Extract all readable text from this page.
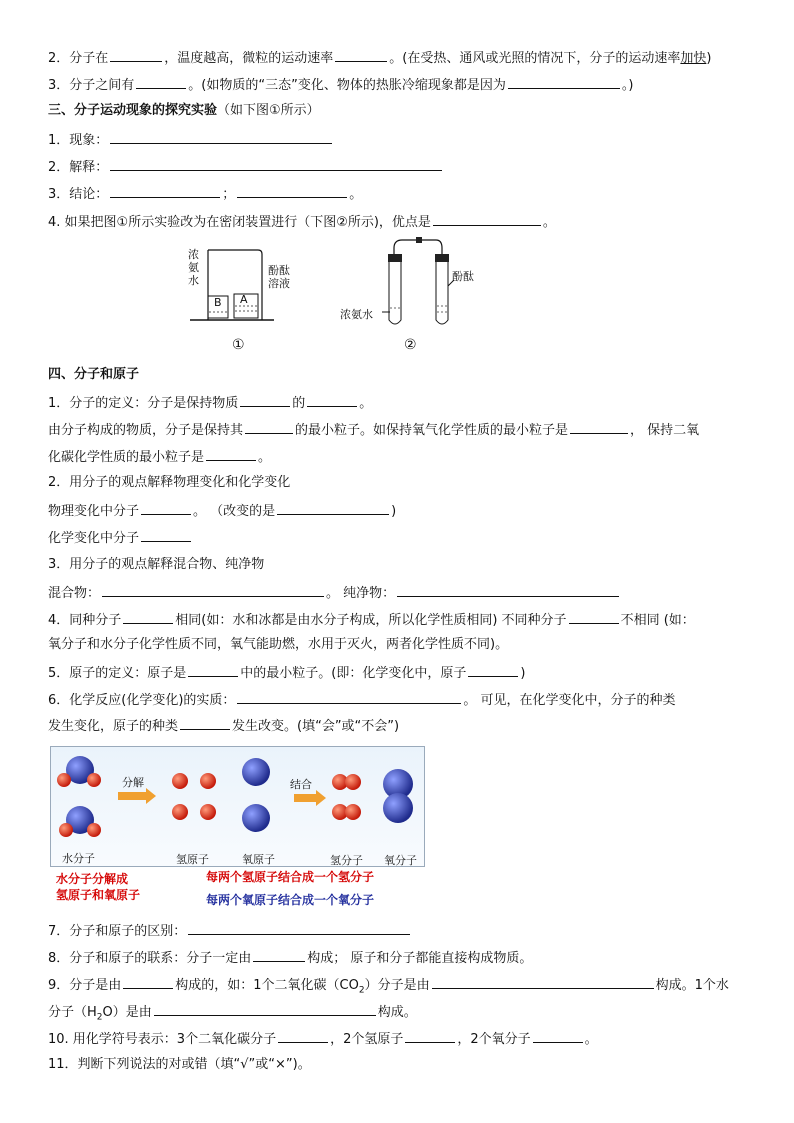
2．分子在	，温度越高，微粒的运动速率	。(在受热、通风或光照的情况下，分子的运动速率加快)
3．分子之间有	。(如物质的“三态”变化、物体的热胀冷缩现象都是因为	。)
三、分子运动现象的探究实验（如下图①所示）
1．现象：
2．解释：
3．结论：	；	。
4. 如果把图①所示实验改为在密闭装置进行（下图②所示)，优点是	。
浓氨水
酚酞溶液
B A
①
浓氨水
酚酞
②
四、分子和原子
1．分子的定义：分子是保持物质	的	。
由分子构成的物质，分子是保持其	的最小粒子。如保持氧气化学性质的最小粒子是	， 保持二氧
化碳化学性质的最小粒子是	。
2．用分子的观点解释物理变化和化学变化
物理变化中分子	。 （改变的是	)
化学变化中分子
3．用分子的观点解释混合物、纯净物
混合物：	。 纯净物：
4．同种分子	相同(如：水和冰都是由水分子构成，所以化学性质相同) 不同种分子	不相同 (如：
氧分子和水分子化学性质不同，氧气能助燃，水用于灭火，两者化学性质不同)。
5．原子的定义：原子是	中的最小粒子。(即：化学变化中，原子	)
6．化学反应(化学变化)的实质：	。 可见，在化学变化中，分子的种类
发生变化，原子的种类	发生改变。(填“会”或“不会”)
分解	结合
水分子	氢原子	氧原子	氢分子 氧分子
水分子分解成
氢原子和氧原子
每两个氢原子结合成一个氢分子
每两个氧原子结合成一个氧分子
7．分子和原子的区别：
8．分子和原子的联系：分子一定由	构成； 原子和分子都能直接构成物质。
9．分子是由	构成的，如：1个二氧化碳$(CO_2)$分子是由	构成。1个水
分子$(H_2O)$是由	构成。
10. 用化学符号表示：3个二氧化碳分子	，2个氢原子	，2个氧分子	。
11．判断下列说法的对或错（填“√”或“×”)。
